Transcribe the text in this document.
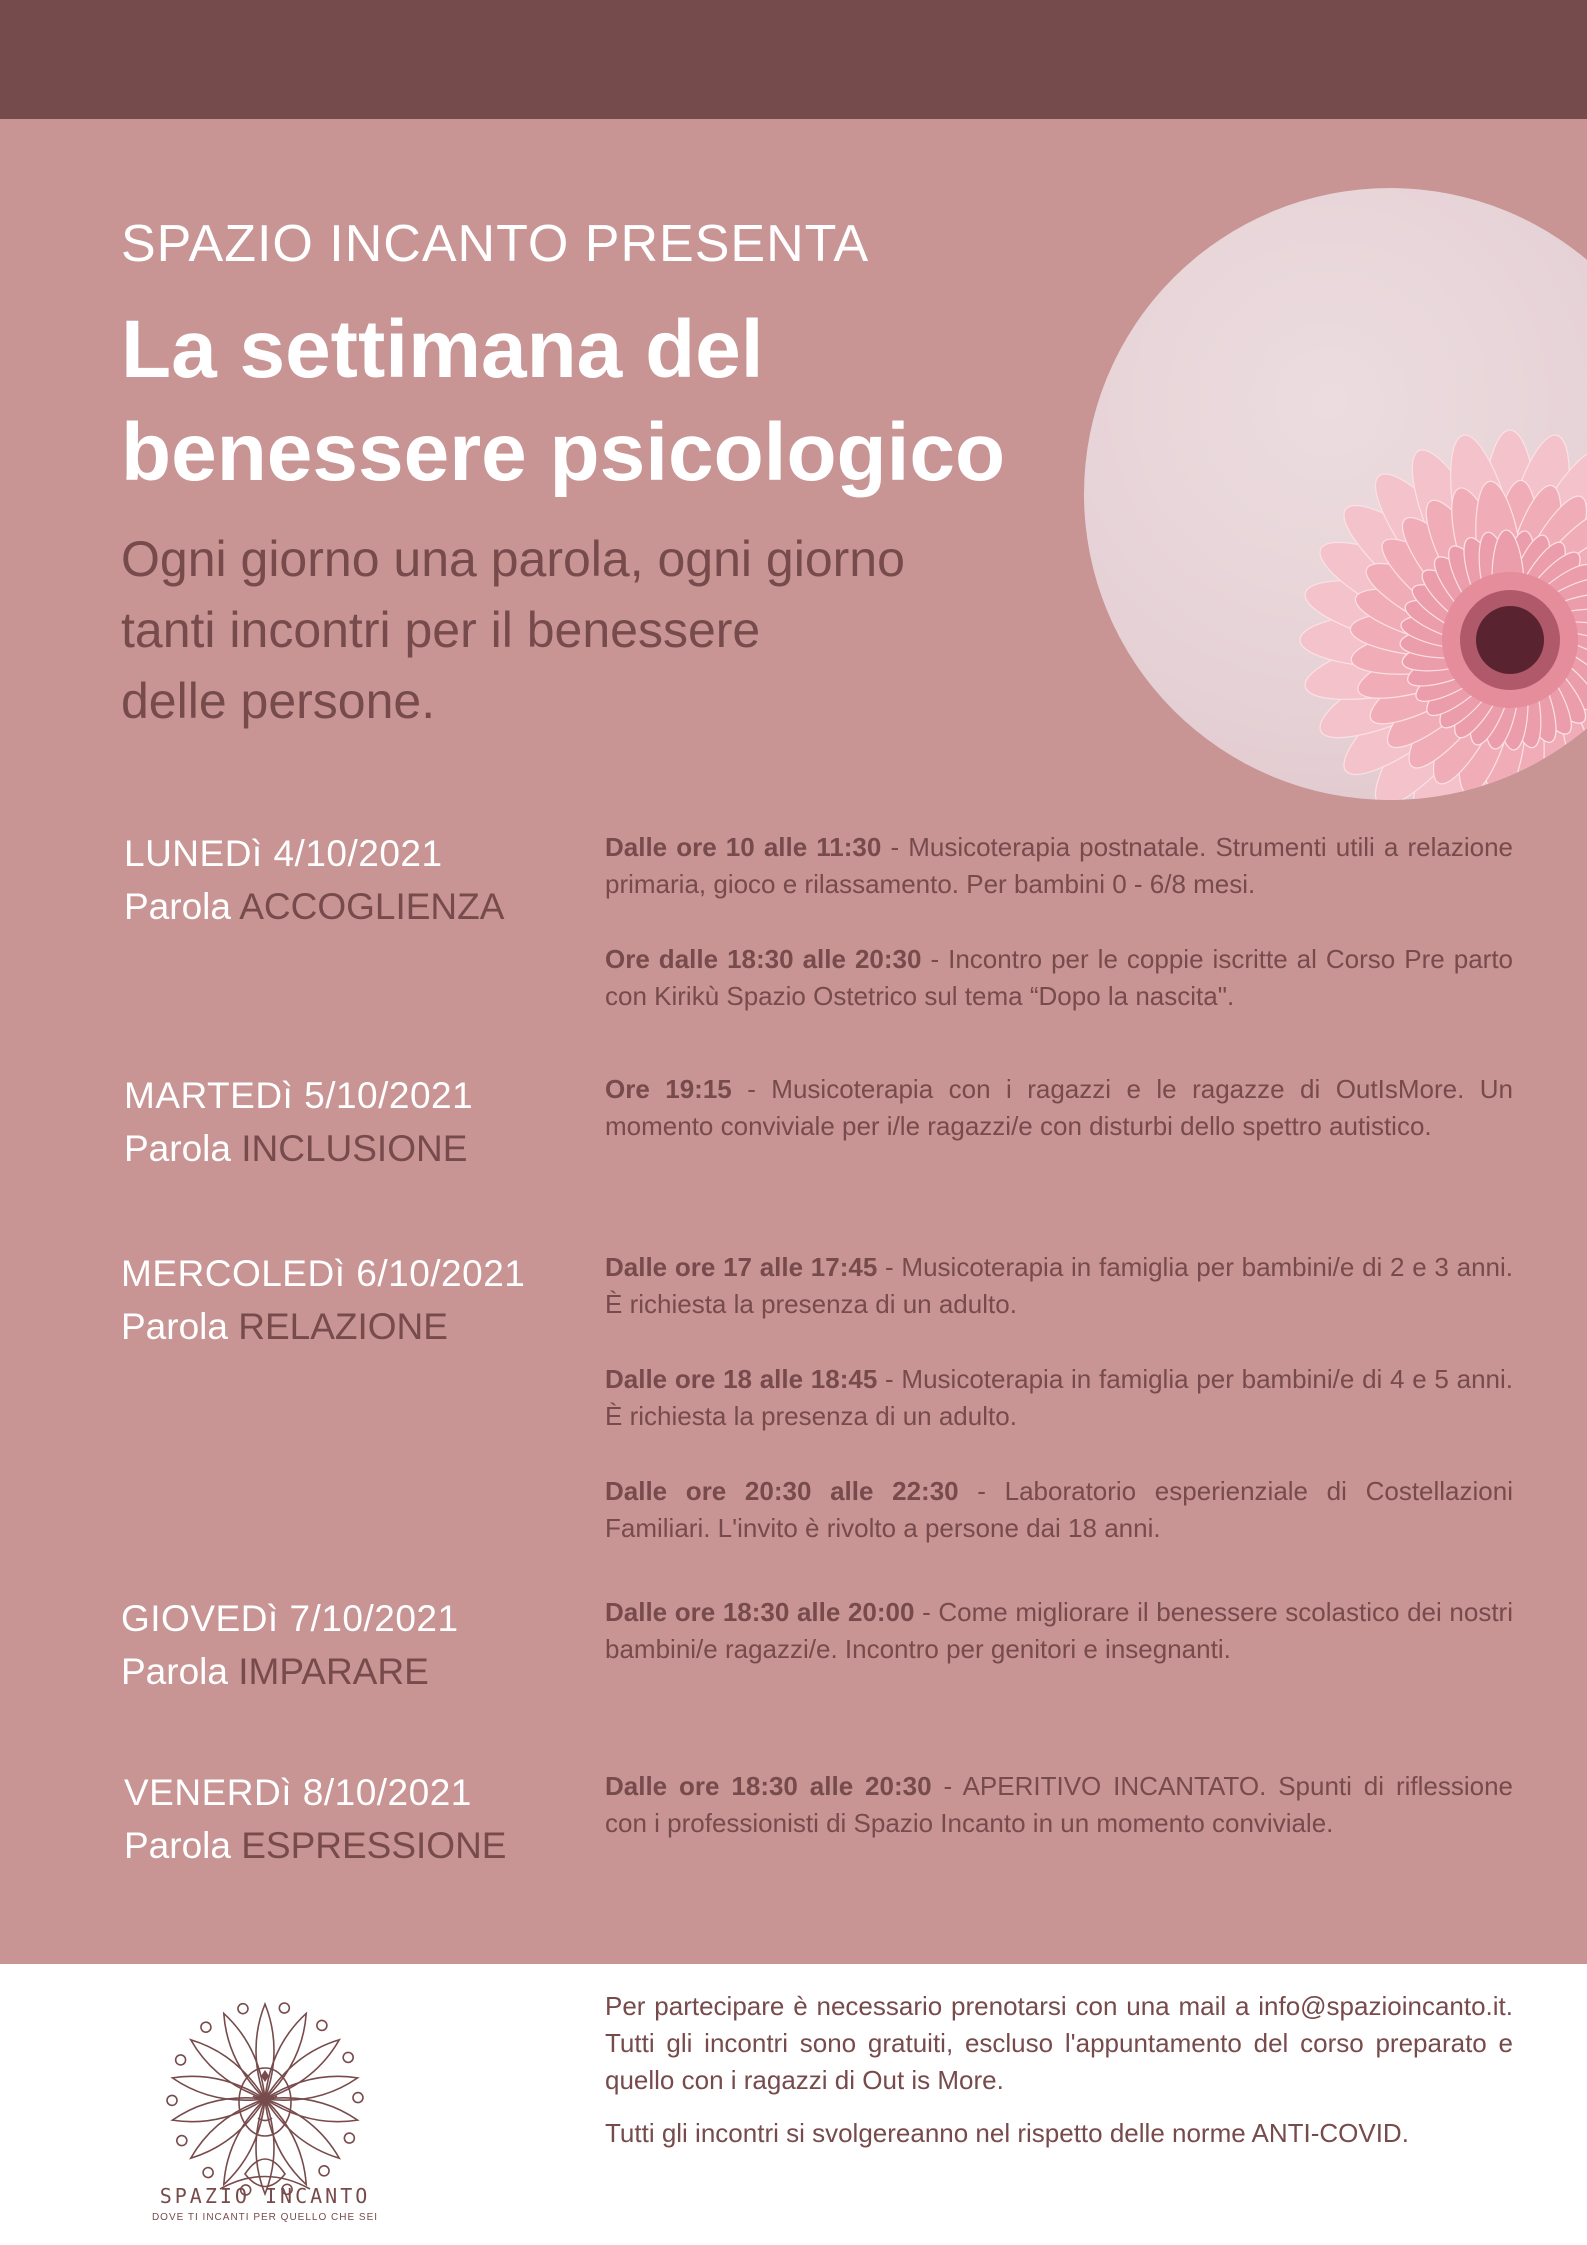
SPAZIO INCANTO PRESENTA
La settimana del
benessere psicologico
Ogni giorno una parola, ogni giorno
tanti incontri per il benessere
delle persone.
LUNEDì 4/10/2021
Parola ACCOGLIENZA
Dalle ore 10 alle 11:30 - Musicoterapia postnatale. Strumenti utili a relazione primaria, gioco e rilassamento. Per bambini 0 - 6/8 mesi.
Ore dalle 18:30 alle 20:30 - Incontro per le coppie iscritte al Corso Pre parto con Kirikù Spazio Ostetrico sul tema “Dopo la nascita".
MARTEDì 5/10/2021
Parola INCLUSIONE
Ore 19:15 - Musicoterapia con i ragazzi e le ragazze di OutIsMore. Un momento conviviale per i/le ragazzi/e con disturbi dello spettro autistico.
MERCOLEDì 6/10/2021
Parola RELAZIONE
Dalle ore 17 alle 17:45 - Musicoterapia in famiglia per bambini/e di 2 e 3 anni. È richiesta la presenza di un adulto.
Dalle ore 18 alle 18:45 - Musicoterapia in famiglia per bambini/e di 4 e 5 anni. È richiesta la presenza di un adulto.
Dalle ore 20:30 alle 22:30 - Laboratorio esperienziale di Costellazioni Familiari. L'invito è rivolto a persone dai 18 anni.
GIOVEDì 7/10/2021
Parola IMPARARE
Dalle ore 18:30 alle 20:00 - Come migliorare il benessere scolastico dei nostri bambini/e ragazzi/e. Incontro per genitori e insegnanti.
VENERDì 8/10/2021
Parola ESPRESSIONE
Dalle ore 18:30 alle 20:30 - APERITIVO INCANTATO. Spunti di riflessione con i professionisti di Spazio Incanto in un momento conviviale.
SPAZIO INCANTO
DOVE TI INCANTI PER QUELLO CHE SEI

Per partecipare è necessario prenotarsi con una mail a info@spazioincanto.it. Tutti gli incontri sono gratuiti, escluso l'appuntamento del corso preparato e quello con i ragazzi di Out is More.

Tutti gli incontri si svolgereanno nel rispetto delle norme ANTI-COVID.
